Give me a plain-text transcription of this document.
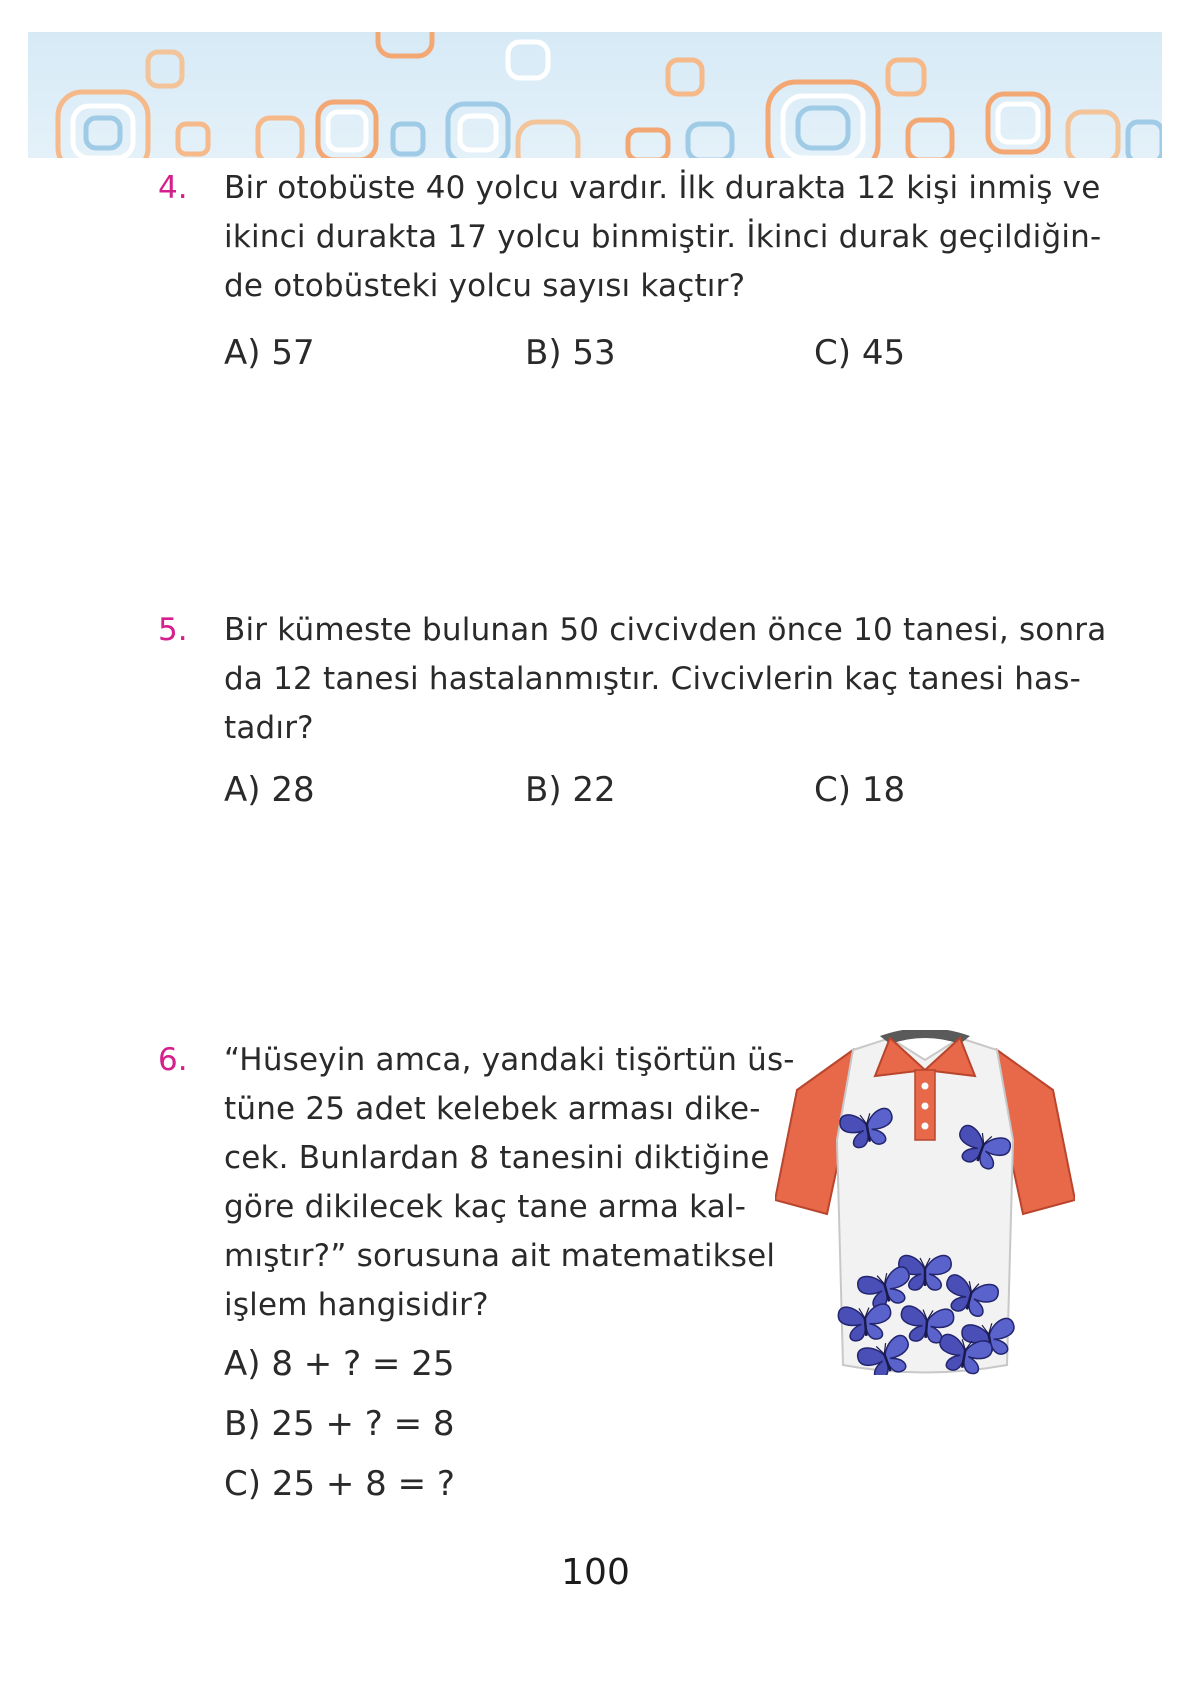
4. Bir otobüste 40 yolcu vardır. İlk durakta 12 kişi inmiş ve
ikinci durakta 17 yolcu binmiştir. İkinci durak geçildiğin-
de otobüsteki yolcu sayısı kaçtır?
A) 57	B) 53	C) 45
5. Bir kümeste bulunan 50 civcivden önce 10 tanesi, sonra
da 12 tanesi hastalanmıştır. Civcivlerin kaç tanesi has-
tadır?
A) 28	B) 22	C) 18
6. “Hüseyin amca, yandaki tişörtün üs-
tüne 25 adet kelebek arması dike-
cek. Bunlardan 8 tanesini diktiğine
göre dikilecek kaç tane arma kal-
mıştır?” sorusuna ait matematiksel
işlem hangisidir?
A) 8 + ? = 25
B) 25 + ? = 8
C) 25 + 8 = ?
100
